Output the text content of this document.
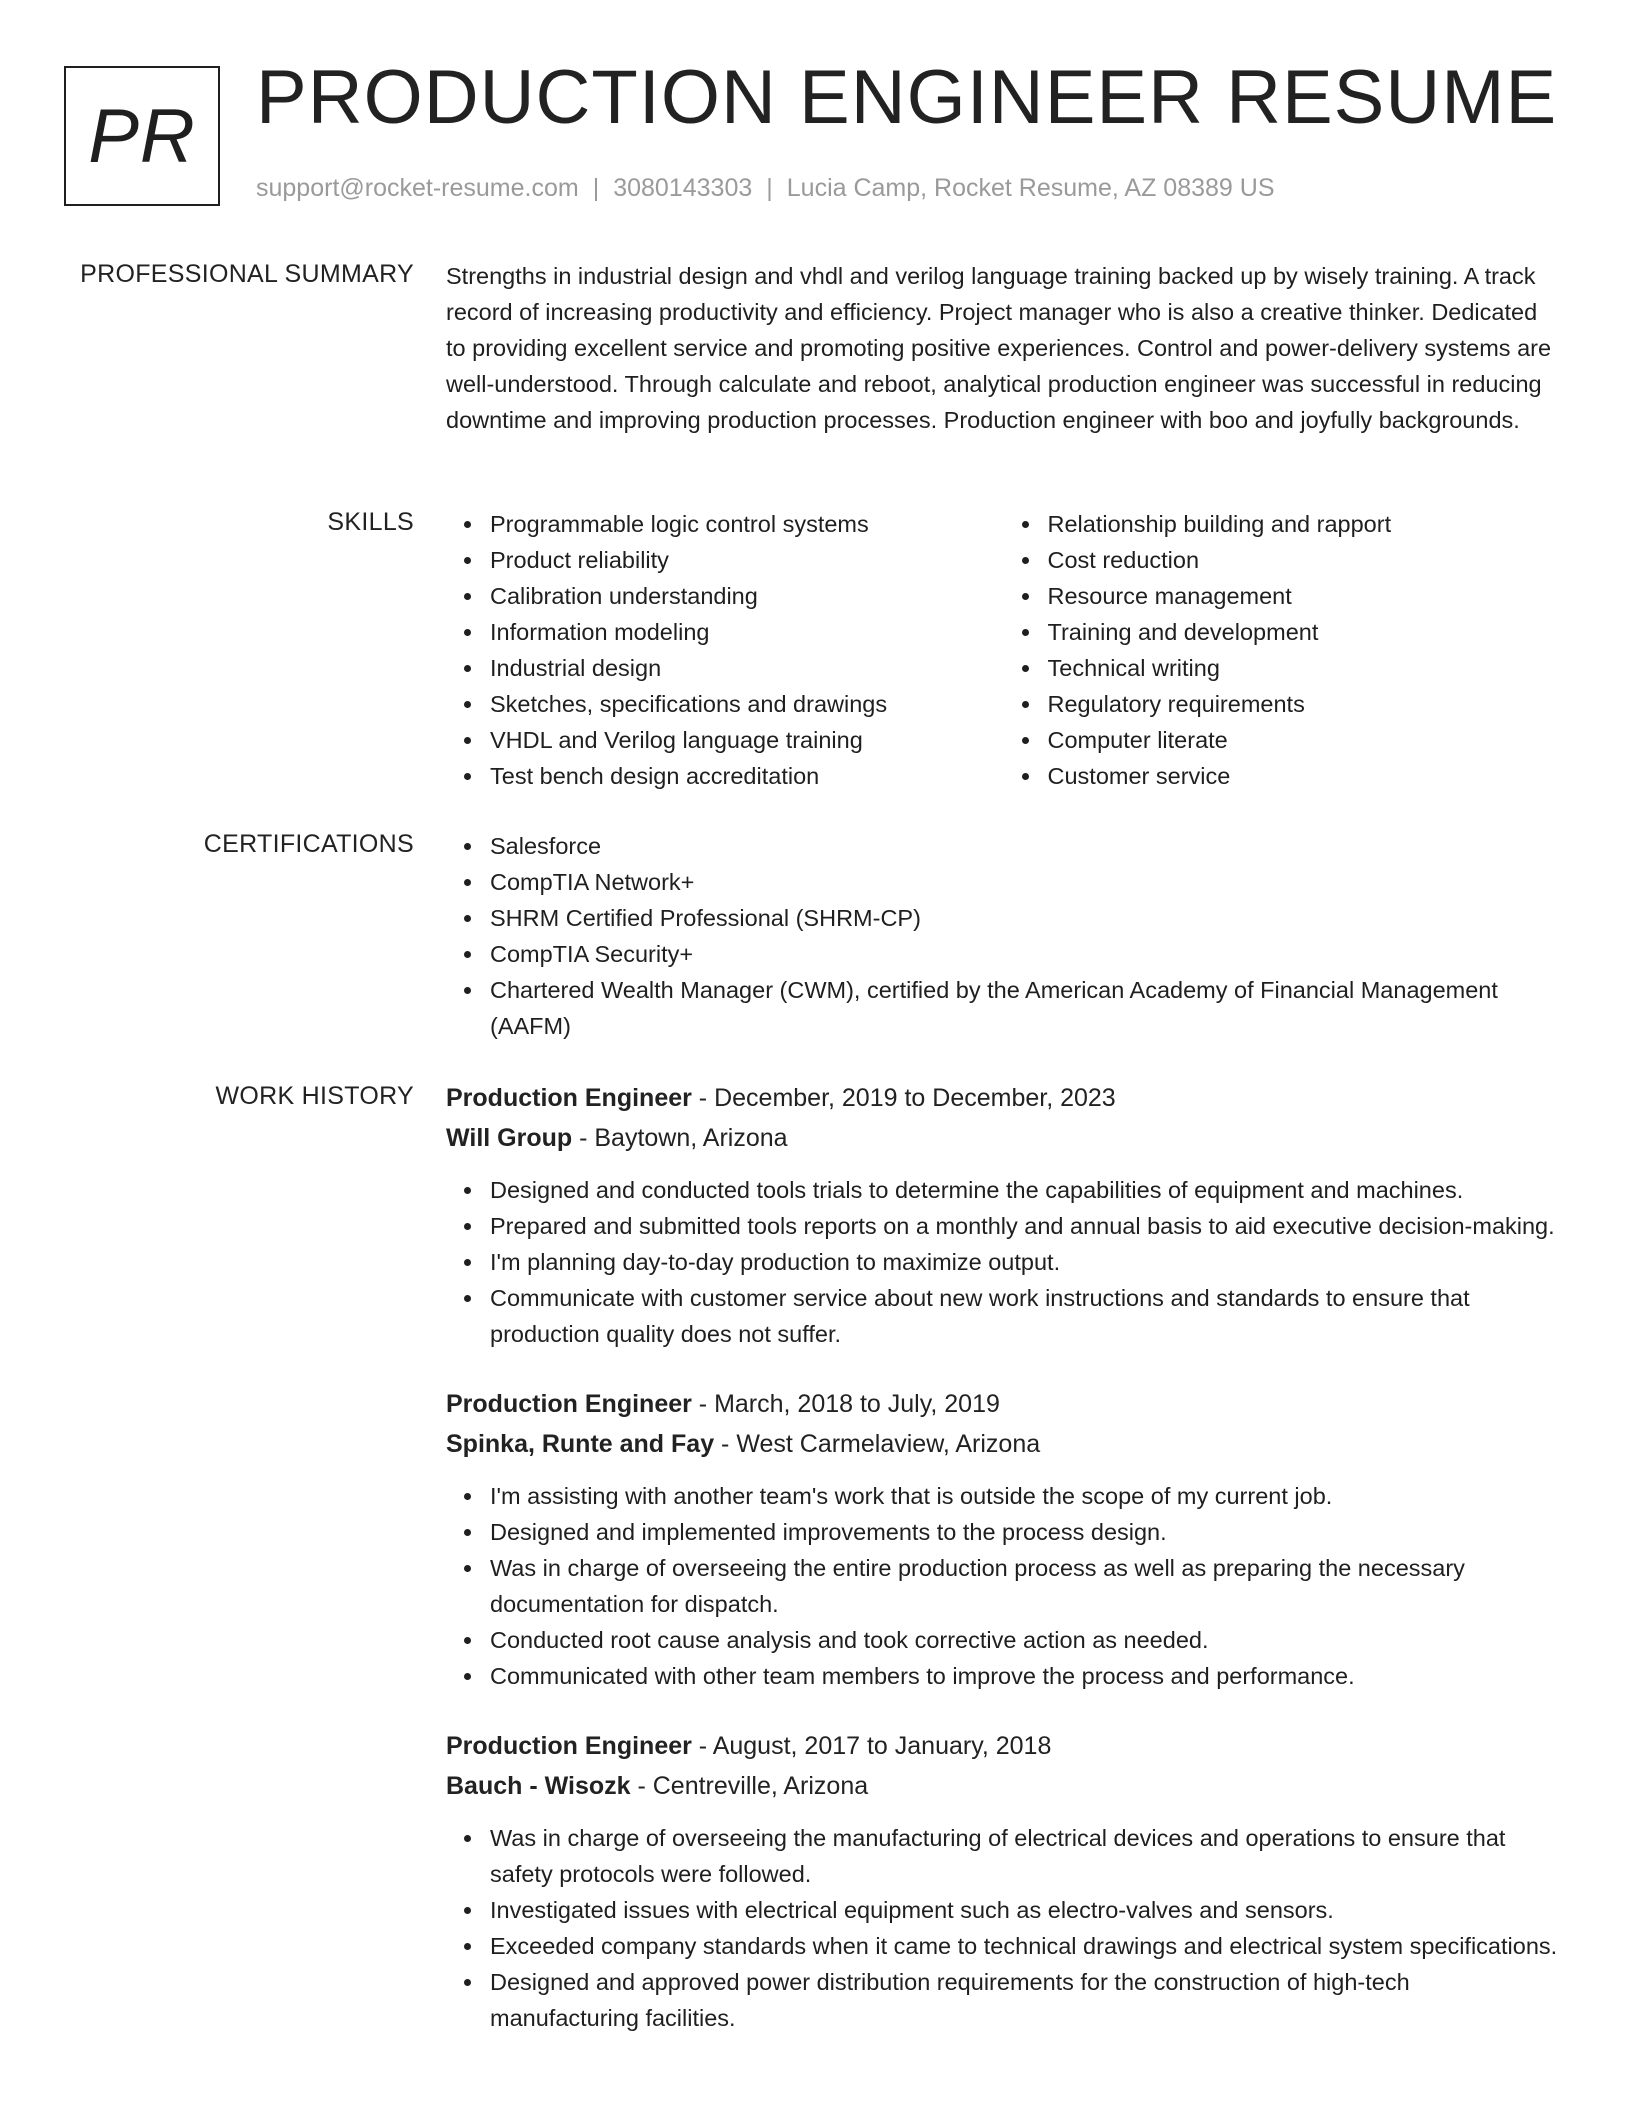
PR PRODUCTION ENGINEER RESUME
support@rocket-resume.com | 3080143303 | Lucia Camp, Rocket Resume, AZ 08389 US
PROFESSIONAL SUMMARY Strengths in industrial design and vhdl and verilog language training backed up by wisely training. A track record of increasing productivity and efficiency. Project manager who is also a creative thinker. Dedicated to providing excellent service and promoting positive experiences. Control and power-delivery systems are well-understood. Through calculate and reboot, analytical production engineer was successful in reducing downtime and improving production processes. Production engineer with boo and joyfully backgrounds.

SKILLS	Programmable logic control systems
Product reliability
Calibration understanding
Information modeling
Industrial design
Sketches, specifications and drawings
VHDL and Verilog language training
Test bench design accreditation
Relationship building and rapport
Cost reduction
Resource management
Training and development
Technical writing
Regulatory requirements
Computer literate
Customer service
CERTIFICATIONS	Salesforce
CompTIA Network+
SHRM Certified Professional (SHRM-CP)
CompTIA Security+
Chartered Wealth Manager (CWM), certified by the American Academy of Financial Management (AAFM)
WORK HISTORY Production Engineer - December, 2019 to December, 2023
Will Group - Baytown, Arizona
Designed and conducted tools trials to determine the capabilities of equipment and machines.
Prepared and submitted tools reports on a monthly and annual basis to aid executive decision-making.
I'm planning day-to-day production to maximize output.
Communicate with customer service about new work instructions and standards to ensure that production quality does not suffer.
Production Engineer - March, 2018 to July, 2019
Spinka, Runte and Fay - West Carmelaview, Arizona
I'm assisting with another team's work that is outside the scope of my current job.
Designed and implemented improvements to the process design.
Was in charge of overseeing the entire production process as well as preparing the necessary documentation for dispatch.
Conducted root cause analysis and took corrective action as needed.
Communicated with other team members to improve the process and performance.
Production Engineer - August, 2017 to January, 2018
Bauch - Wisozk - Centreville, Arizona
Was in charge of overseeing the manufacturing of electrical devices and operations to ensure that safety protocols were followed.
Investigated issues with electrical equipment such as electro-valves and sensors.
Exceeded company standards when it came to technical drawings and electrical system specifications.
Designed and approved power distribution requirements for the construction of high-tech manufacturing facilities.
